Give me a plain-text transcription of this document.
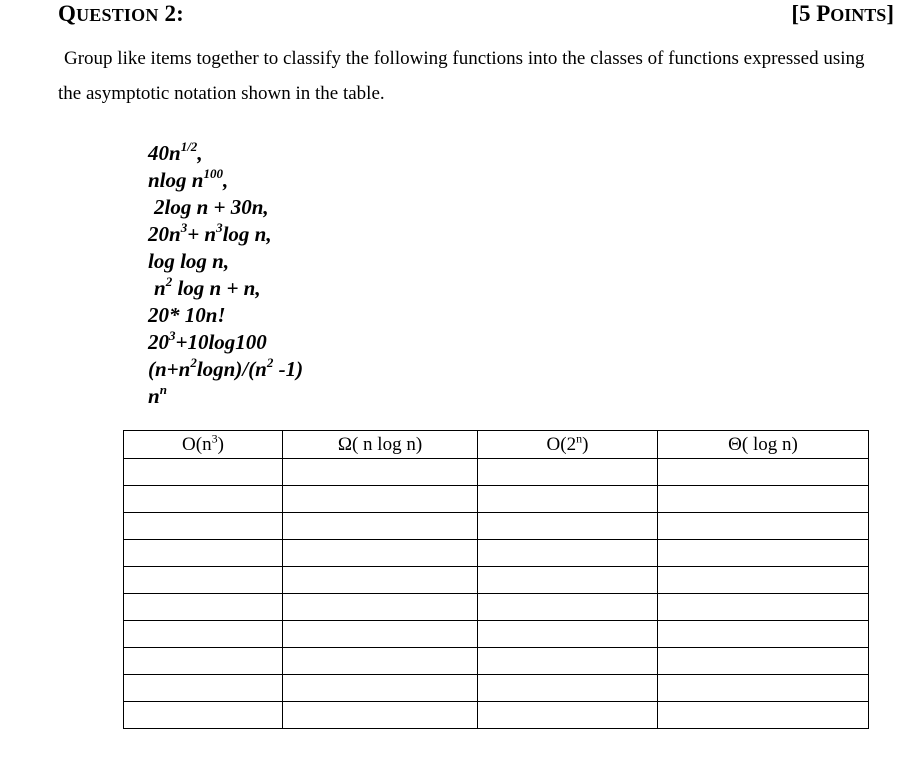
QUESTION 2:	[5 POINTS]

Group like items together to classify the following functions into the classes of functions expressed using

the asymptotic notation shown in the table.

$40n^{1/2}$,
nlog $n^{100}$,
2log n + 30n,
$20n^3+ n^3\log$ n,
log log n,
$n^2$ log n + n,
20* 10n!
$20^3+10\log 100$
$(n+n^2\log n)/(n^2$ -1)
$n^n$
$O(n^3)$	Ω( n log n)	O(2$^n$)	Θ( log n)
